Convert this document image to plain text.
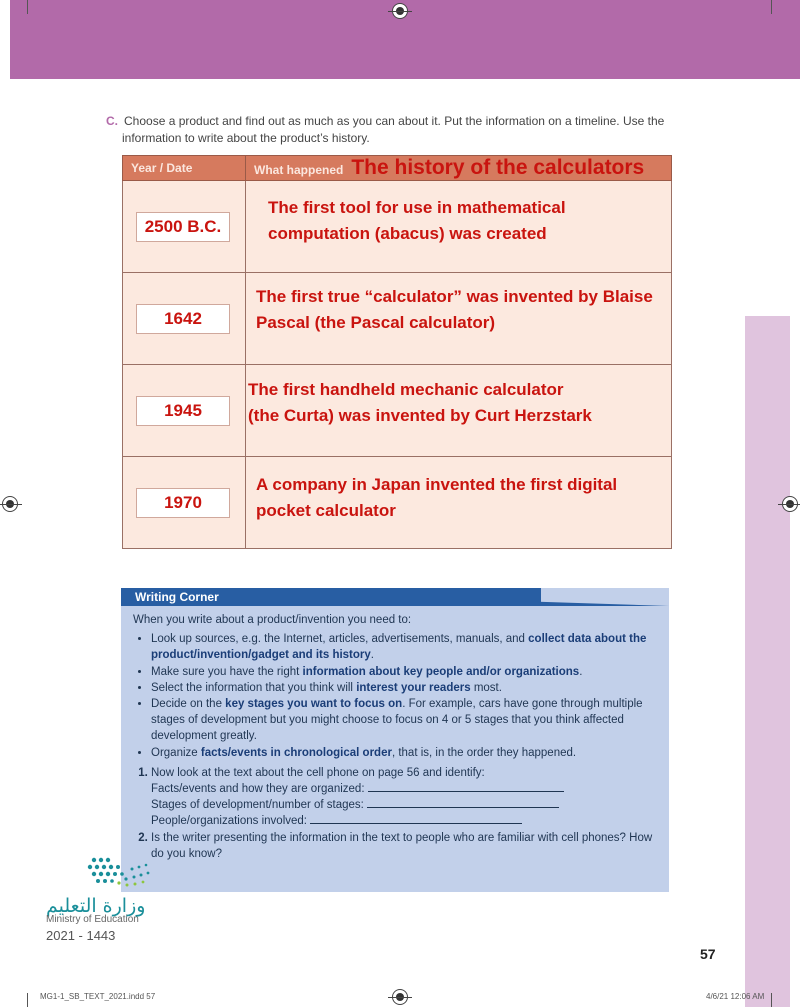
C. Choose a product and find out as much as you can about it. Put the information on a timeline. Use the
information to write about the product’s history.
Year / Date	What happened The history of the calculators

2500 B.C.	The first tool for use in mathematical
computation (abacus) was created

1642	The first true “calculator” was invented by Blaise
Pascal (the Pascal calculator)

1945	The first handheld mechanic calculator
(the Curta) was invented by Curt Herzstark

1970	A company in Japan invented the first digital
pocket calculator
Writing Corner
When you write about a product/invention you need to:
• Look up sources, e.g. the Internet, articles, advertisements, manuals, and collect data about the product/invention/gadget and its history.
• Make sure you have the right information about key people and/or organizations.
• Select the information that you think will interest your readers most.
• Decide on the key stages you want to focus on. For example, cars have gone through multiple stages of development but you might choose to focus on 4 or 5 stages that you think affected development greatly.
• Organize facts/events in chronological order, that is, in the order they happened.
1. Now look at the text about the cell phone on page 56 and identify:
Facts/events and how they are organized:
Stages of development/number of stages:
People/organizations involved:
2. Is the writer presenting the information in the text to people who are familiar with cell phones? How do you know?
وزارة التعليم
Ministry of Education
2021 - 1443
57
MG1-1_SB_TEXT_2021.indd 57	4/6/21 12:06 AM
